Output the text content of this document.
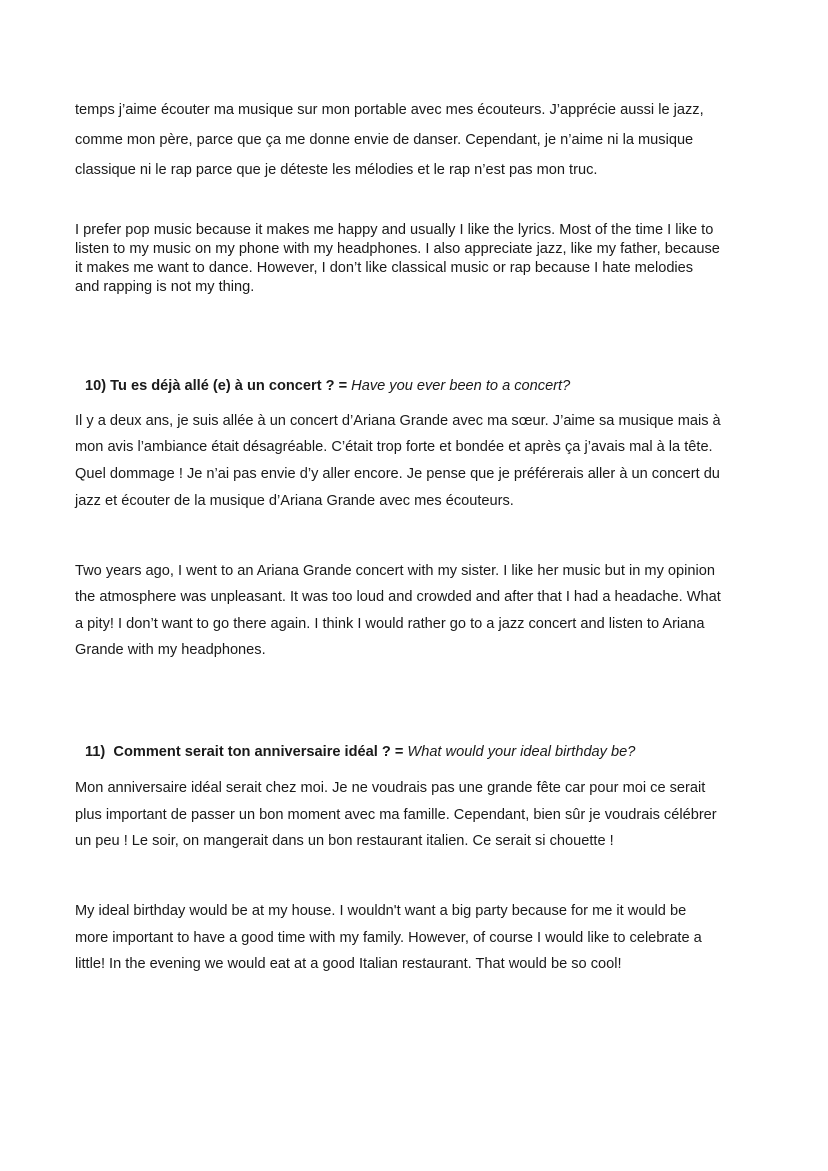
temps j’aime écouter ma musique sur mon portable avec mes écouteurs. J’apprécie aussi le jazz,
comme mon père, parce que ça me donne envie de danser. Cependant, je n’aime ni la musique
classique ni le rap parce que je déteste les mélodies et le rap n’est pas mon truc.
I prefer pop music because it makes me happy and usually I like the lyrics. Most of the time I like to
listen to my music on my phone with my headphones. I also appreciate jazz, like my father, because
it makes me want to dance. However, I don’t like classical music or rap because I hate melodies
and rapping is not my thing.
10) Tu es déjà allé (e) à un concert ? = Have you ever been to a concert?
Il y a deux ans, je suis allée à un concert d’Ariana Grande avec ma sœur. J’aime sa musique mais à
mon avis l’ambiance était désagréable. C’était trop forte et bondée et après ça j’avais mal à la tête.
Quel dommage ! Je n’ai pas envie d’y aller encore. Je pense que je préférerais aller à un concert du
jazz et écouter de la musique d’Ariana Grande avec mes écouteurs.
Two years ago, I went to an Ariana Grande concert with my sister. I like her music but in my opinion
the atmosphere was unpleasant. It was too loud and crowded and after that I had a headache. What
a pity! I don’t want to go there again. I think I would rather go to a jazz concert and listen to Ariana
Grande with my headphones.
11) Comment serait ton anniversaire idéal ? = What would your ideal birthday be?
Mon anniversaire idéal serait chez moi. Je ne voudrais pas une grande fête car pour moi ce serait
plus important de passer un bon moment avec ma famille. Cependant, bien sûr je voudrais célébrer
un peu ! Le soir, on mangerait dans un bon restaurant italien. Ce serait si chouette !
My ideal birthday would be at my house. I wouldn't want a big party because for me it would be
more important to have a good time with my family. However, of course I would like to celebrate a
little! In the evening we would eat at a good Italian restaurant. That would be so cool!
